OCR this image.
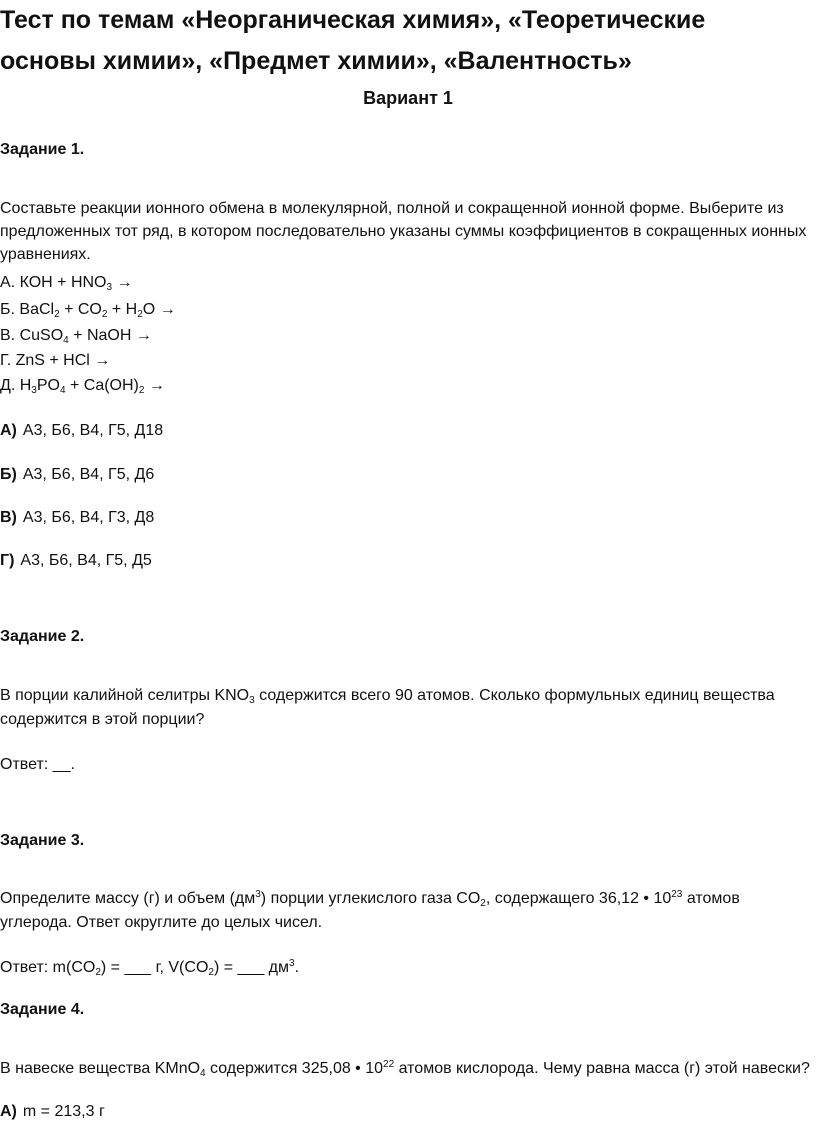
Тест по темам «Неорганическая химия», «Теоретические основы химии», «Предмет химии», «Валентность»
Вариант 1
Задание 1.
Составьте реакции ионного обмена в молекулярной, полной и сокращенной ионной форме. Выберите из предложенных тот ряд, в котором последовательно указаны суммы коэффициентов в сокращенных ионных уравнениях.
А. КОН + $HNO_3$ →
Б. BaCl$_2$ + $CO_2 + H_2O$ →
В. CuSO$_4$ + NaOH →
Г. ZnS + HCl →
Д. $H_3PO_4 + Ca(OH)_2$ →
А) А3, Б6, В4, Г5, Д18
Б) А3, Б6, В4, Г5, Д6
В) А3, Б6, В4, Г3, Д8
Г) А3, Б6, В4, Г5, Д5
Задание 2.
В порции калийной селитры $KNO_3$ содержится всего 90 атомов. Сколько формульных единиц вещества
содержится в этой порции?
Ответ: __.
Задание 3.
Определите массу (г) и объем $(дм^3)$ порции углекислого газа $CO_2$, содержащего 36,12 • $10^{23}$ атомов
углерода. Ответ округлите до целых чисел.
Ответ: $m(CO_2)$ = ___ г, $V(CO_2)$ = ___ $дм^3$.
Задание 4.
В навеске вещества KMnO$_4$ содержится 325,08 • $10^{22}$ атомов кислорода. Чему равна масса (г) этой навески?
А) m = 213,3 г
